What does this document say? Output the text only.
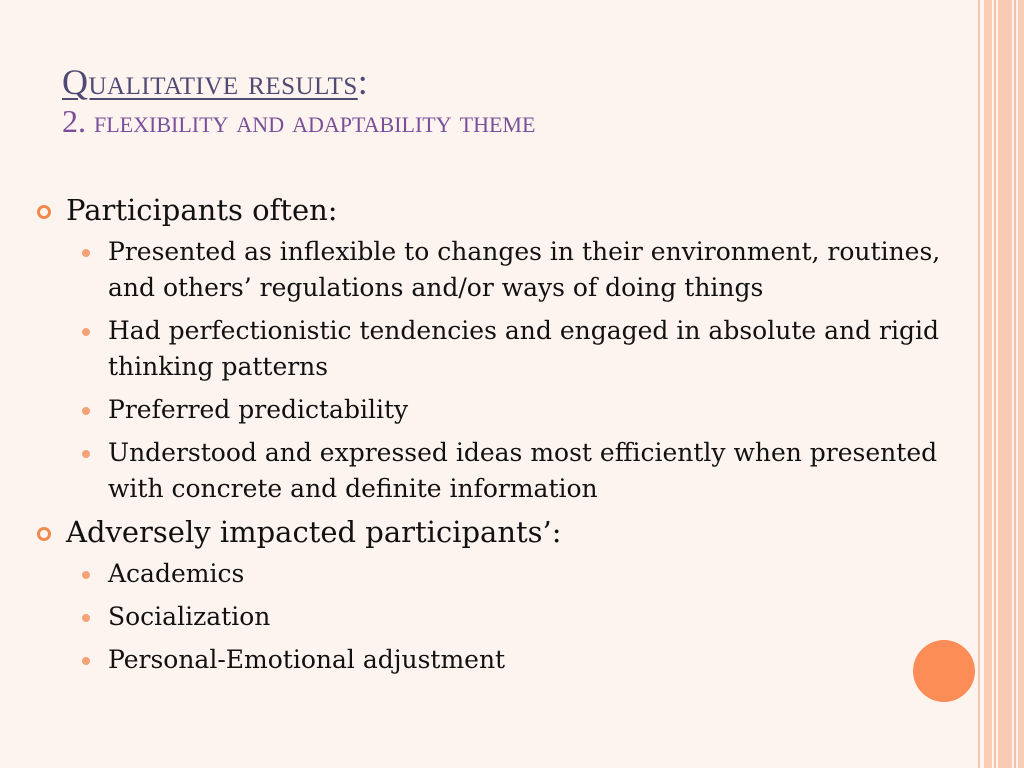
Qualitative results:
2. flexibility and adaptability theme
Participants often:
Presented as inflexible to changes in their environment, routines, and others’ regulations and/or ways of doing things
Had perfectionistic tendencies and engaged in absolute and rigid thinking patterns
Preferred predictability
Understood and expressed ideas most efficiently when presented with concrete and definite information
Adversely impacted participants’:
Academics
Socialization
Personal-Emotional adjustment
